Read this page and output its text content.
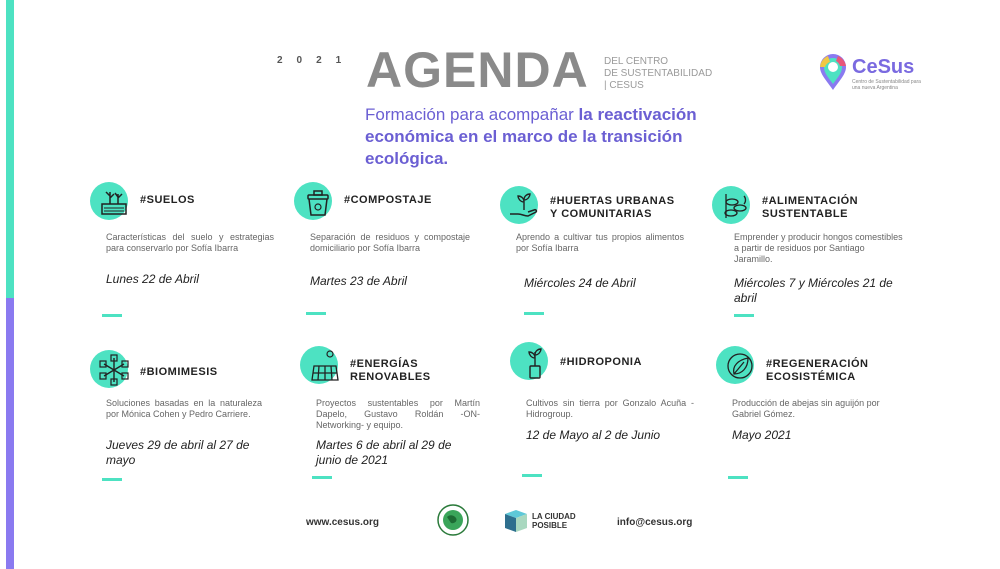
2021 AGENDA DEL CENTRO
DE SUSTENTABILIDAD
| CESUS
Formación para acompañar la reactivación económica en el marco de la transición ecológica.
CeSus
Centro de Sustentabilidad para una nueva Argentina
#SUELOS
Características del suelo y estrategias para conservarlo por Sofía Ibarra
Lunes 22 de Abril
#COMPOSTAJE
Separación de residuos y compostaje domiciliario por Sofía Ibarra
Martes 23 de Abril
#HUERTAS URBANAS
Y COMUNITARIAS
Aprendo a cultivar tus propios alimentos por Sofía Ibarra
Miércoles 24 de Abril
#ALIMENTACIÓN
SUSTENTABLE
Emprender y producir hongos comestibles a partir de residuos por Santiago Jaramillo.
Miércoles 7 y Miércoles 21 de abril
#BIOMIMESIS
Soluciones basadas en la naturaleza por Mónica Cohen y Pedro Carriere.
Jueves 29 de abril al 27 de mayo
#ENERGÍAS
RENOVABLES
Proyectos sustentables por Martín Dapelo, Gustavo Roldán -ON-Networking- y equipo.
Martes 6 de abril al 29 de junio de 2021
#HIDROPONIA
Cultivos sin tierra por Gonzalo Acuña - Hidrogroup.
12 de Mayo al 2 de Junio
#REGENERACIÓN
ECOSISTÉMICA
Producción de abejas sin aguijón por Gabriel Gómez.
Mayo 2021
www.cesus.org
LA CIUDAD POSIBLE	info@cesus.org
